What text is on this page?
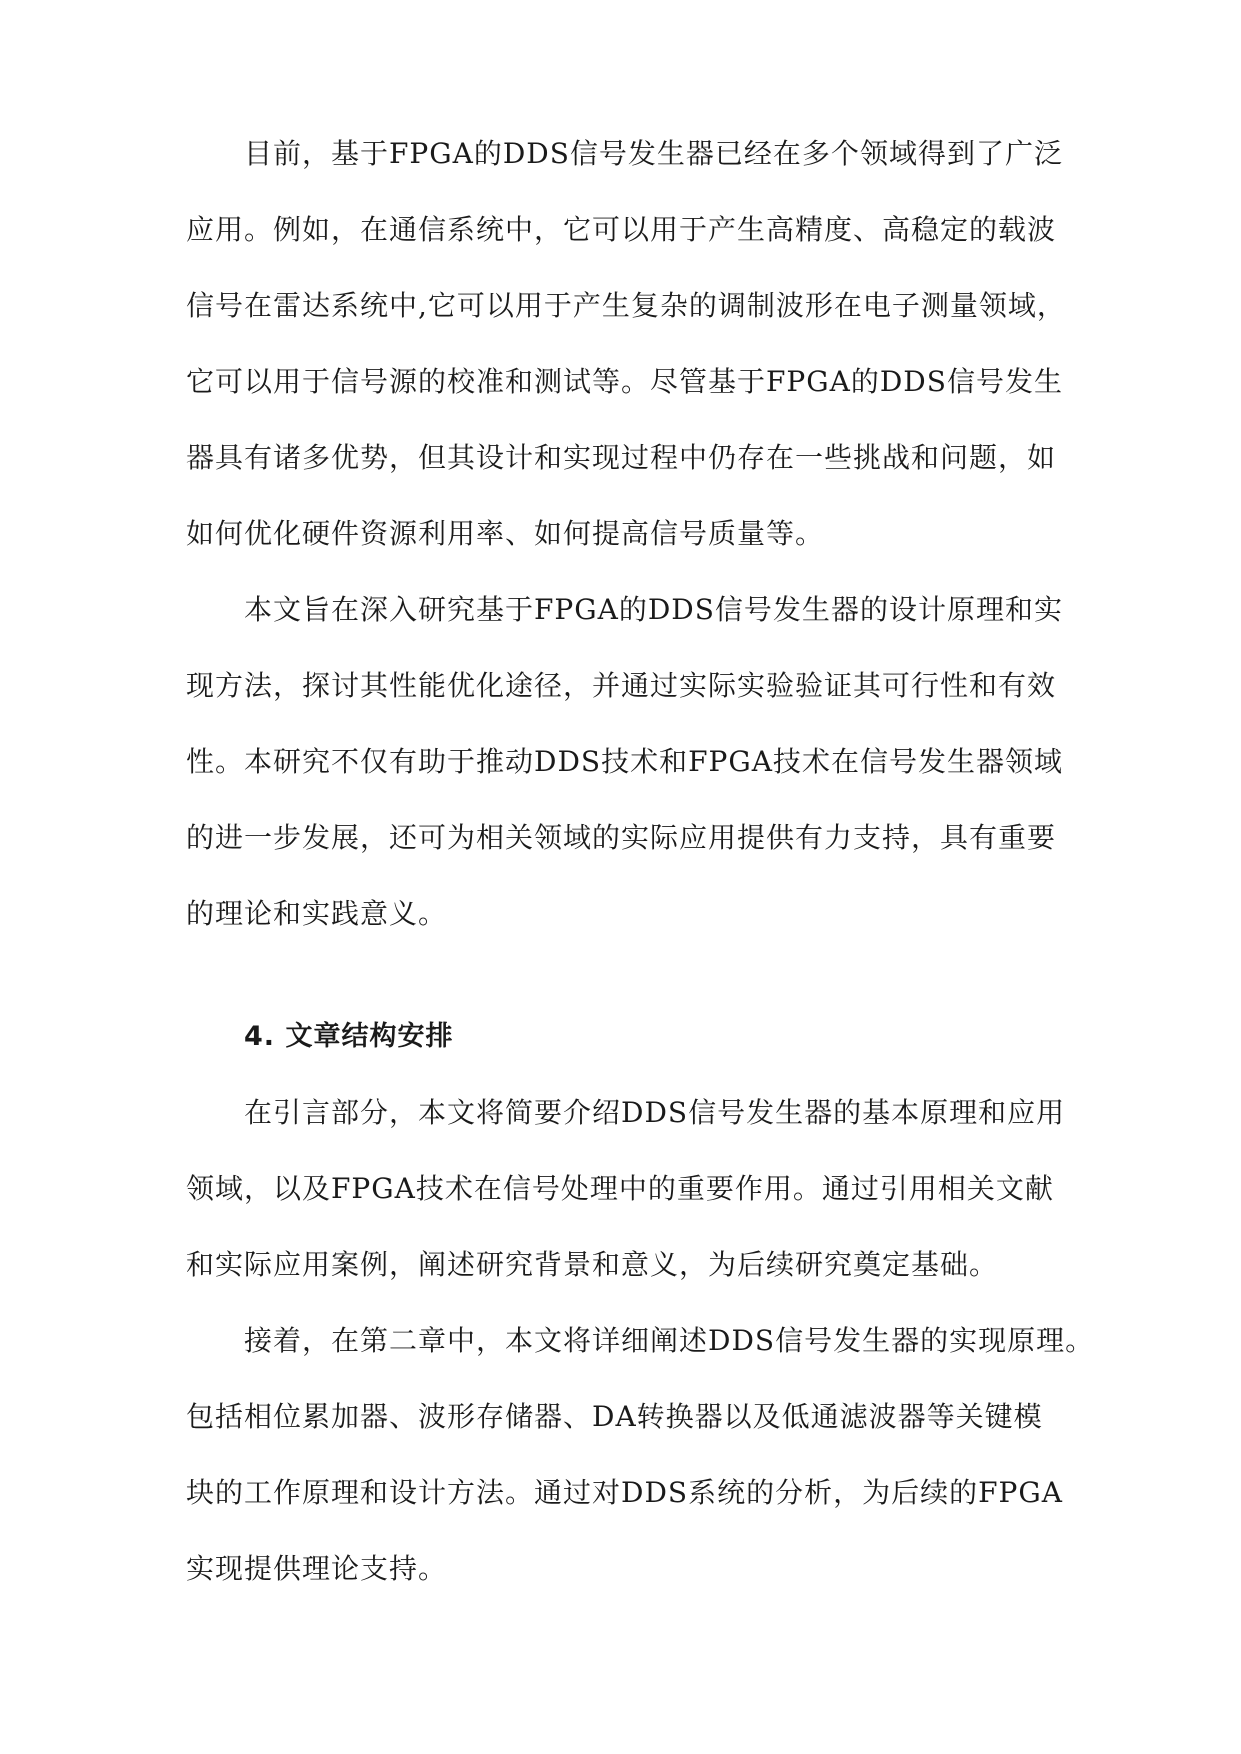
目前，基于FPGA的DDS信号发生器已经在多个领域得到了广泛
应用。例如，在通信系统中，它可以用于产生高精度、高稳定的载波
信号在雷达系统中,它可以用于产生复杂的调制波形在电子测量领域，
它可以用于信号源的校准和测试等。尽管基于FPGA的DDS信号发生
器具有诸多优势，但其设计和实现过程中仍存在一些挑战和问题，如
如何优化硬件资源利用率、如何提高信号质量等。
本文旨在深入研究基于FPGA的DDS信号发生器的设计原理和实
现方法，探讨其性能优化途径，并通过实际实验验证其可行性和有效
性。本研究不仅有助于推动DDS技术和FPGA技术在信号发生器领域
的进一步发展，还可为相关领域的实际应用提供有力支持，具有重要
的理论和实践意义。
4. 文章结构安排
在引言部分，本文将简要介绍DDS信号发生器的基本原理和应用
领域，以及FPGA技术在信号处理中的重要作用。通过引用相关文献
和实际应用案例，阐述研究背景和意义，为后续研究奠定基础。
接着，在第二章中，本文将详细阐述DDS信号发生器的实现原理。
包括相位累加器、波形存储器、DA转换器以及低通滤波器等关键模
块的工作原理和设计方法。通过对DDS系统的分析，为后续的FPGA
实现提供理论支持。
